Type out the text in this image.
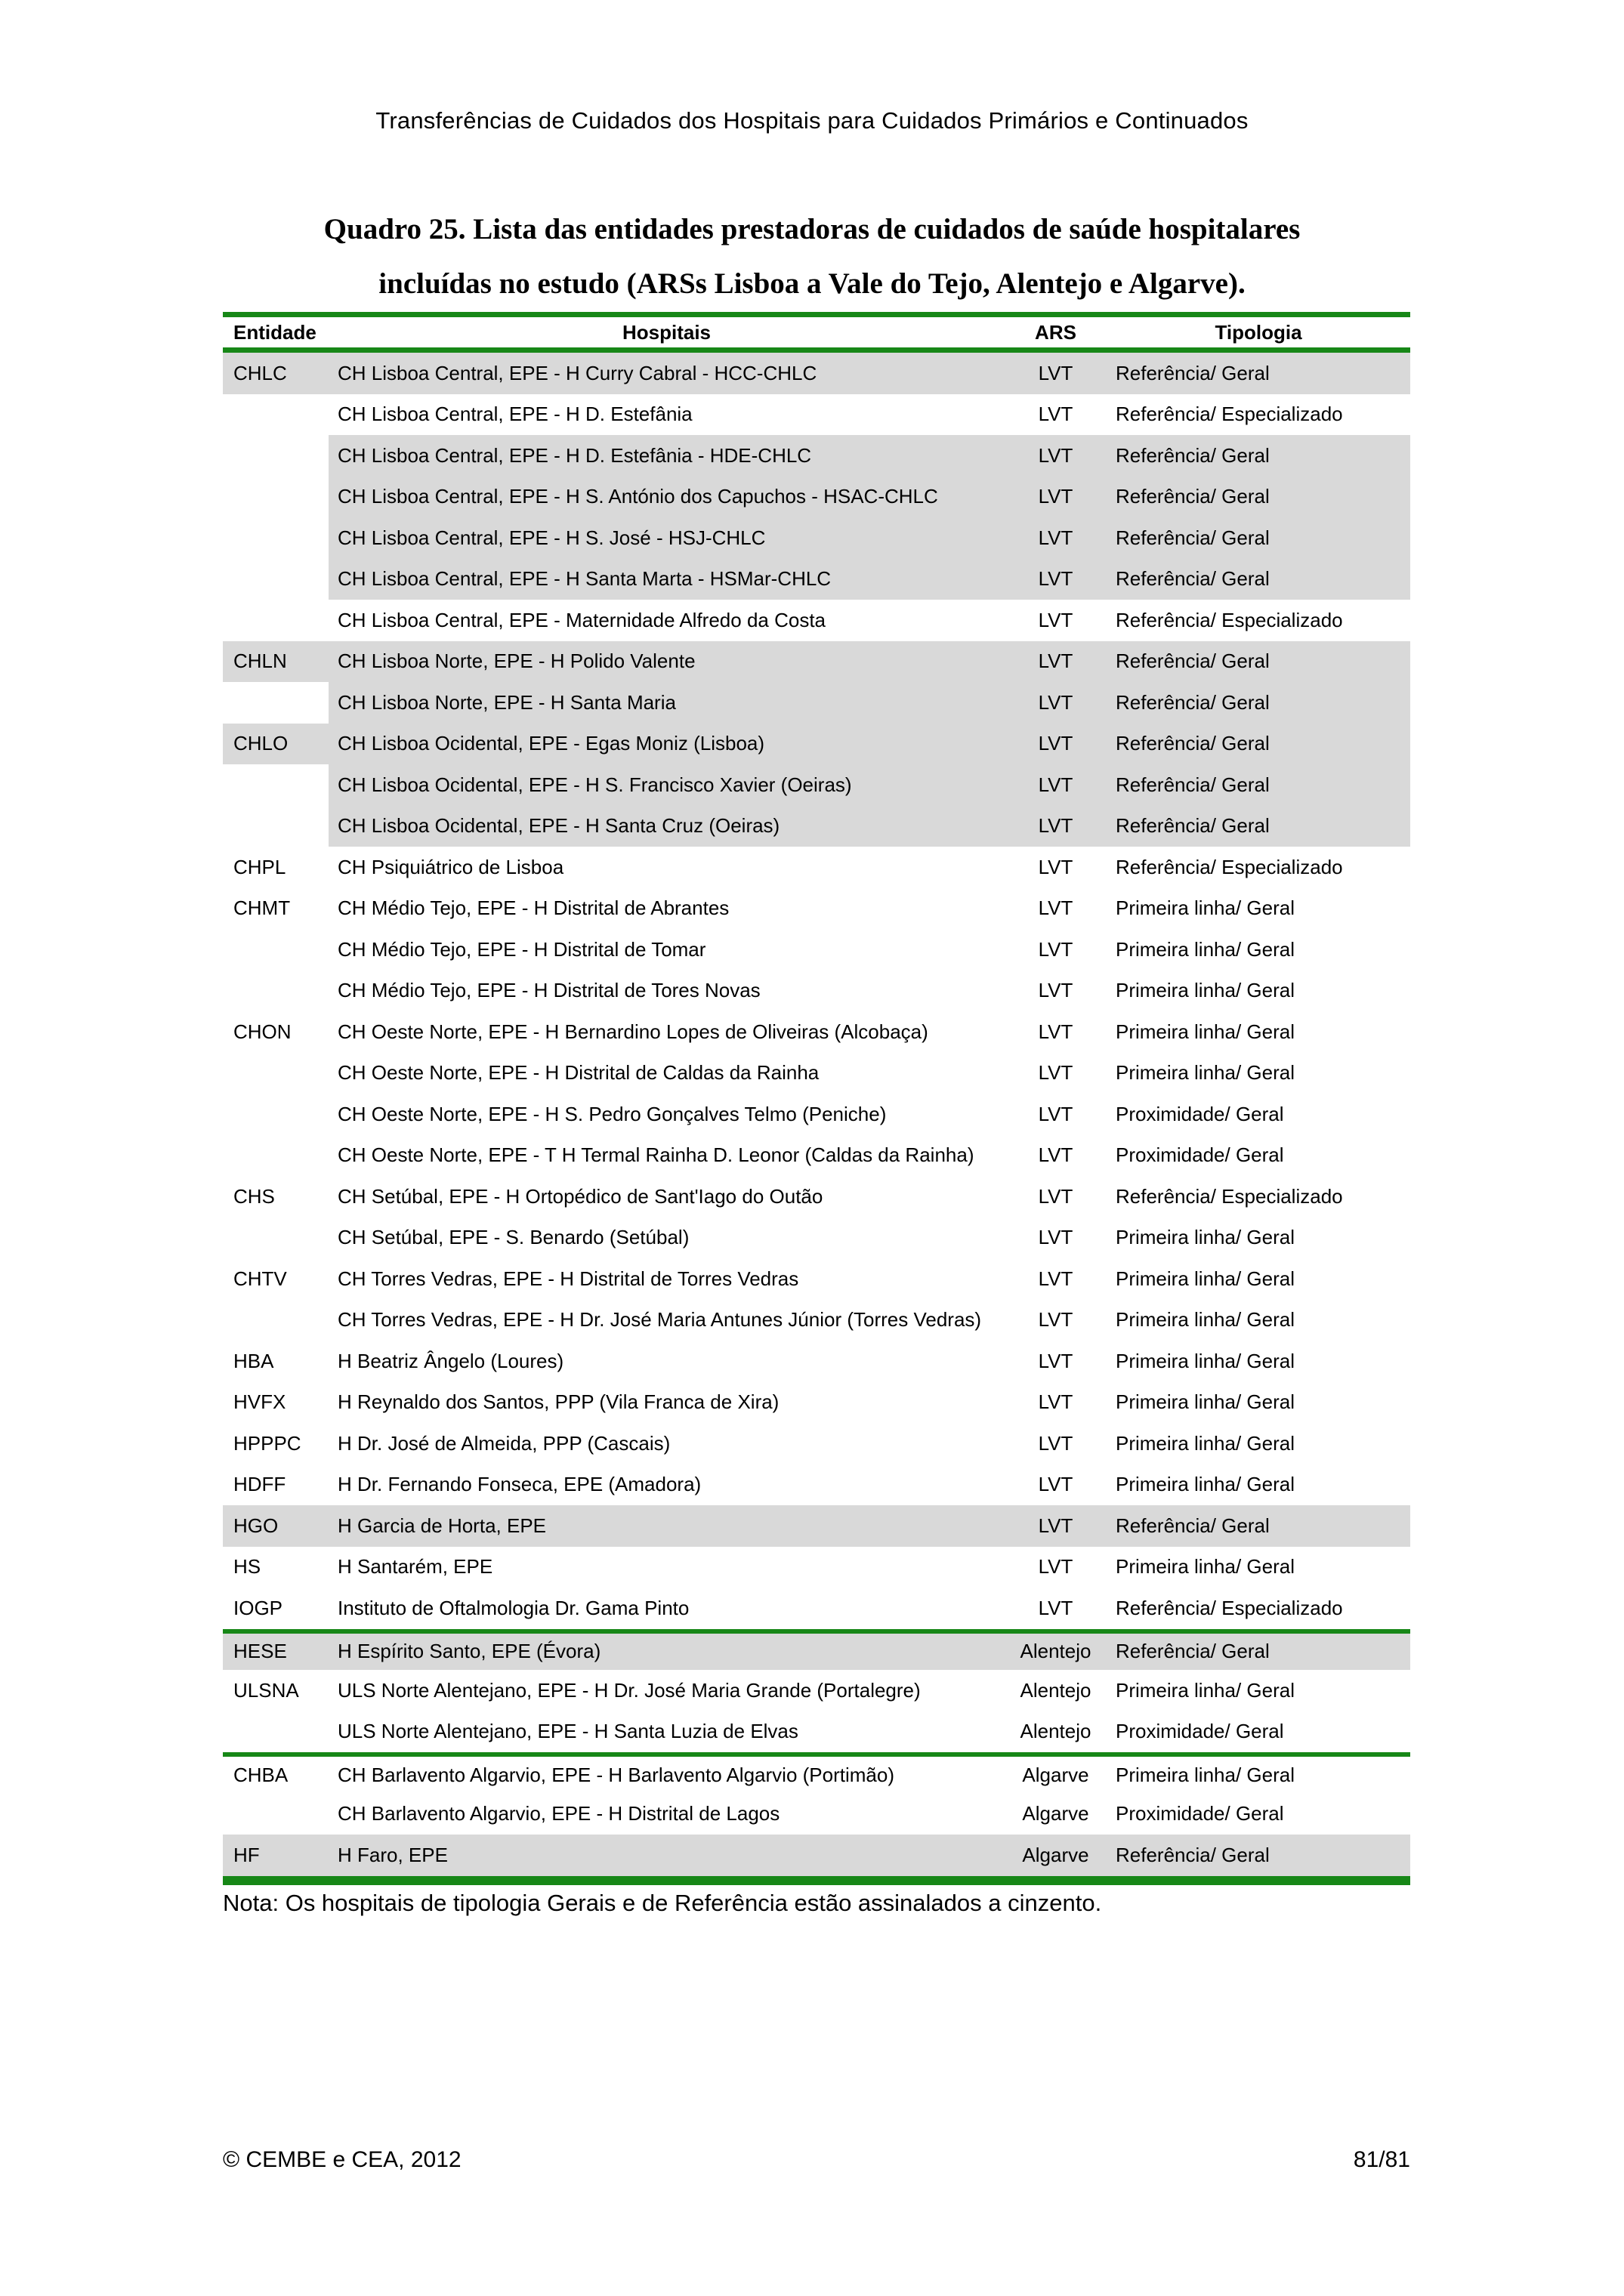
Transferências de Cuidados dos Hospitais para Cuidados Primários e Continuados
Quadro 25. Lista das entidades prestadoras de cuidados de saúde hospitalares
incluídas no estudo (ARSs Lisboa a Vale do Tejo, Alentejo e Algarve).
Entidade	Hospitais	ARS	Tipologia
CHLC	CH Lisboa Central, EPE - H Curry Cabral - HCC-CHLC	LVT	Referência/ Geral
CH Lisboa Central, EPE - H D. Estefânia	LVT	Referência/ Especializado
CH Lisboa Central, EPE - H D. Estefânia - HDE-CHLC	LVT	Referência/ Geral
CH Lisboa Central, EPE - H S. António dos Capuchos - HSAC-CHLC	LVT	Referência/ Geral
CH Lisboa Central, EPE - H S. José - HSJ-CHLC	LVT	Referência/ Geral
CH Lisboa Central, EPE - H Santa Marta - HSMar-CHLC	LVT	Referência/ Geral
CH Lisboa Central, EPE - Maternidade Alfredo da Costa	LVT	Referência/ Especializado
CHLN	CH Lisboa Norte, EPE - H Polido Valente	LVT	Referência/ Geral
CH Lisboa Norte, EPE - H Santa Maria	LVT	Referência/ Geral
CHLO	CH Lisboa Ocidental, EPE - Egas Moniz (Lisboa)	LVT	Referência/ Geral
CH Lisboa Ocidental, EPE - H S. Francisco Xavier (Oeiras)	LVT	Referência/ Geral
CH Lisboa Ocidental, EPE - H Santa Cruz (Oeiras)	LVT	Referência/ Geral
CHPL	CH Psiquiátrico de Lisboa	LVT	Referência/ Especializado
CHMT	CH Médio Tejo, EPE - H Distrital de Abrantes	LVT	Primeira linha/ Geral
CH Médio Tejo, EPE - H Distrital de Tomar	LVT	Primeira linha/ Geral
CH Médio Tejo, EPE - H Distrital de Tores Novas	LVT	Primeira linha/ Geral
CHON	CH Oeste Norte, EPE - H Bernardino Lopes de Oliveiras (Alcobaça)	LVT	Primeira linha/ Geral
CH Oeste Norte, EPE - H Distrital de Caldas da Rainha	LVT	Primeira linha/ Geral
CH Oeste Norte, EPE - H S. Pedro Gonçalves Telmo (Peniche)	LVT	Proximidade/ Geral
CH Oeste Norte, EPE - T H Termal Rainha D. Leonor (Caldas da Rainha)	LVT	Proximidade/ Geral
CHS	CH Setúbal, EPE - H Ortopédico de Sant'Iago do Outão	LVT	Referência/ Especializado
CH Setúbal, EPE - S. Benardo (Setúbal)	LVT	Primeira linha/ Geral
CHTV	CH Torres Vedras, EPE - H Distrital de Torres Vedras	LVT	Primeira linha/ Geral
CH Torres Vedras, EPE - H Dr. José Maria Antunes Júnior (Torres Vedras)	LVT	Primeira linha/ Geral
HBA	H Beatriz Ângelo (Loures)	LVT	Primeira linha/ Geral
HVFX	H Reynaldo dos Santos, PPP (Vila Franca de Xira)	LVT	Primeira linha/ Geral
HPPPC	H Dr. José de Almeida, PPP (Cascais)	LVT	Primeira linha/ Geral
HDFF	H Dr. Fernando Fonseca, EPE (Amadora)	LVT	Primeira linha/ Geral
HGO	H Garcia de Horta, EPE	LVT	Referência/ Geral
HS	H Santarém, EPE	LVT	Primeira linha/ Geral
IOGP	Instituto de Oftalmologia Dr. Gama Pinto	LVT	Referência/ Especializado
HESE	H Espírito Santo, EPE (Évora)	Alentejo	Referência/ Geral
ULSNA	ULS Norte Alentejano, EPE - H Dr. José Maria Grande (Portalegre)	Alentejo	Primeira linha/ Geral
ULS Norte Alentejano, EPE - H Santa Luzia de Elvas	Alentejo	Proximidade/ Geral
CHBA	CH Barlavento Algarvio, EPE - H Barlavento Algarvio (Portimão)	Algarve	Primeira linha/ Geral
CH Barlavento Algarvio, EPE - H Distrital de Lagos	Algarve	Proximidade/ Geral
HF	H Faro, EPE	Algarve	Referência/ Geral
Nota: Os hospitais de tipologia Gerais e de Referência estão assinalados a cinzento.
© CEMBE e CEA, 2012	81/81
